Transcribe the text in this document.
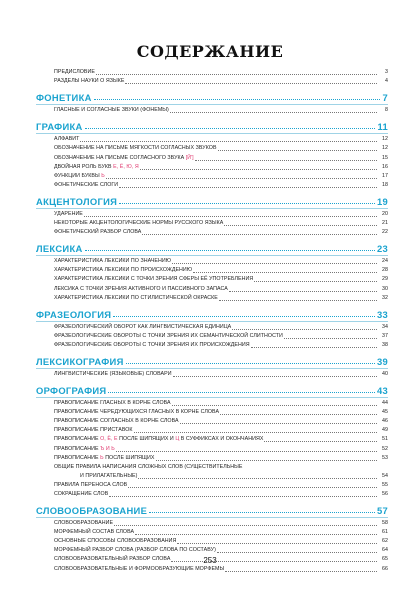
СОДЕРЖАНИЕ
ПРЕДИСЛОВИЕ	3
РАЗДЕЛЫ НАУКИ О ЯЗЫКЕ	4
ФОНЕТИКА	7
ГЛАСНЫЕ И СОГЛАСНЫЕ ЗВУКИ (ФОНЕМЫ)	8
ГРАФИКА	11
АЛФАВИТ	12
ОБОЗНАЧЕНИЕ НА ПИСЬМЕ МЯГКОСТИ СОГЛАСНЫХ ЗВУКОВ	12
ОБОЗНАЧЕНИЕ НА ПИСЬМЕ СОГЛАСНОГО ЗВУКА [Й']	15
ДВОЙНАЯ РОЛЬ БУКВ Е, Ё, Ю, Я	16
ФУНКЦИИ БУКВЫ Ь	17
ФОНЕТИЧЕСКИЕ СЛОГИ	18
АКЦЕНТОЛОГИЯ	19
УДАРЕНИЕ	20
НЕКОТОРЫЕ АКЦЕНТОЛОГИЧЕСКИЕ НОРМЫ РУССКОГО ЯЗЫКА	21
ФОНЕТИЧЕСКИЙ РАЗБОР СЛОВА	22
ЛЕКСИКА	23
ХАРАКТЕРИСТИКА ЛЕКСИКИ ПО ЗНАЧЕНИЮ	24
ХАРАКТЕРИСТИКА ЛЕКСИКИ ПО ПРОИСХОЖДЕНИЮ	28
ХАРАКТЕРИСТИКА ЛЕКСИКИ С ТОЧКИ ЗРЕНИЯ СФЕРЫ ЕЁ УПОТРЕБЛЕНИЯ	29
ЛЕКСИКА С ТОЧКИ ЗРЕНИЯ АКТИВНОГО И ПАССИВНОГО ЗАПАСА	30
ХАРАКТЕРИСТИКА ЛЕКСИКИ ПО СТИЛИСТИЧЕСКОЙ ОКРАСКЕ	32
ФРАЗЕОЛОГИЯ	33
ФРАЗЕОЛОГИЧЕСКИЙ ОБОРОТ КАК ЛИНГВИСТИЧЕСКАЯ ЕДИНИЦА	34
ФРАЗЕОЛОГИЧЕСКИЕ ОБОРОТЫ С ТОЧКИ ЗРЕНИЯ ИХ СЕМАНТИЧЕСКОЙ СЛИТНОСТИ	37
ФРАЗЕОЛОГИЧЕСКИЕ ОБОРОТЫ С ТОЧКИ ЗРЕНИЯ ИХ ПРОИСХОЖДЕНИЯ	38
ЛЕКСИКОГРАФИЯ	39
ЛИНГВИСТИЧЕСКИЕ (ЯЗЫКОВЫЕ) СЛОВАРИ	40
ОРФОГРАФИЯ	43
ПРАВОПИСАНИЕ ГЛАСНЫХ В КОРНЕ СЛОВА	44
ПРАВОПИСАНИЕ ЧЕРЕДУЮЩИХСЯ ГЛАСНЫХ В КОРНЕ СЛОВА	45
ПРАВОПИСАНИЕ СОГЛАСНЫХ В КОРНЕ СЛОВА	46
ПРАВОПИСАНИЕ ПРИСТАВОК	49
ПРАВОПИСАНИЕ О, Ё, Е ПОСЛЕ ШИПЯЩИХ И Ц В СУФФИКСАХ И ОКОНЧАНИЯХ	51
ПРАВОПИСАНИЕ Ъ И Ь	52
ПРАВОПИСАНИЕ Ь ПОСЛЕ ШИПЯЩИХ	53
ОБЩИЕ ПРАВИЛА НАПИСАНИЯ СЛОЖНЫХ СЛОВ (СУЩЕСТВИТЕЛЬНЫЕ
И ПРИЛАГАТЕЛЬНЫЕ)	54
ПРАВИЛА ПЕРЕНОСА СЛОВ	55
СОКРАЩЕНИЕ СЛОВ	56
СЛОВООБРАЗОВАНИЕ	57
СЛОВООБРАЗОВАНИЕ	58
МОРФЕМНЫЙ СОСТАВ СЛОВА	61
ОСНОВНЫЕ СПОСОБЫ СЛОВООБРАЗОВАНИЯ	62
МОРФЕМНЫЙ РАЗБОР СЛОВА (РАЗБОР СЛОВА ПО СОСТАВУ)	64
СЛОВООБРАЗОВАТЕЛЬНЫЙ РАЗБОР СЛОВА	65
СЛОВООБРАЗОВАТЕЛЬНЫЕ И ФОРМООБРАЗУЮЩИЕ МОРФЕМЫ	66
253
